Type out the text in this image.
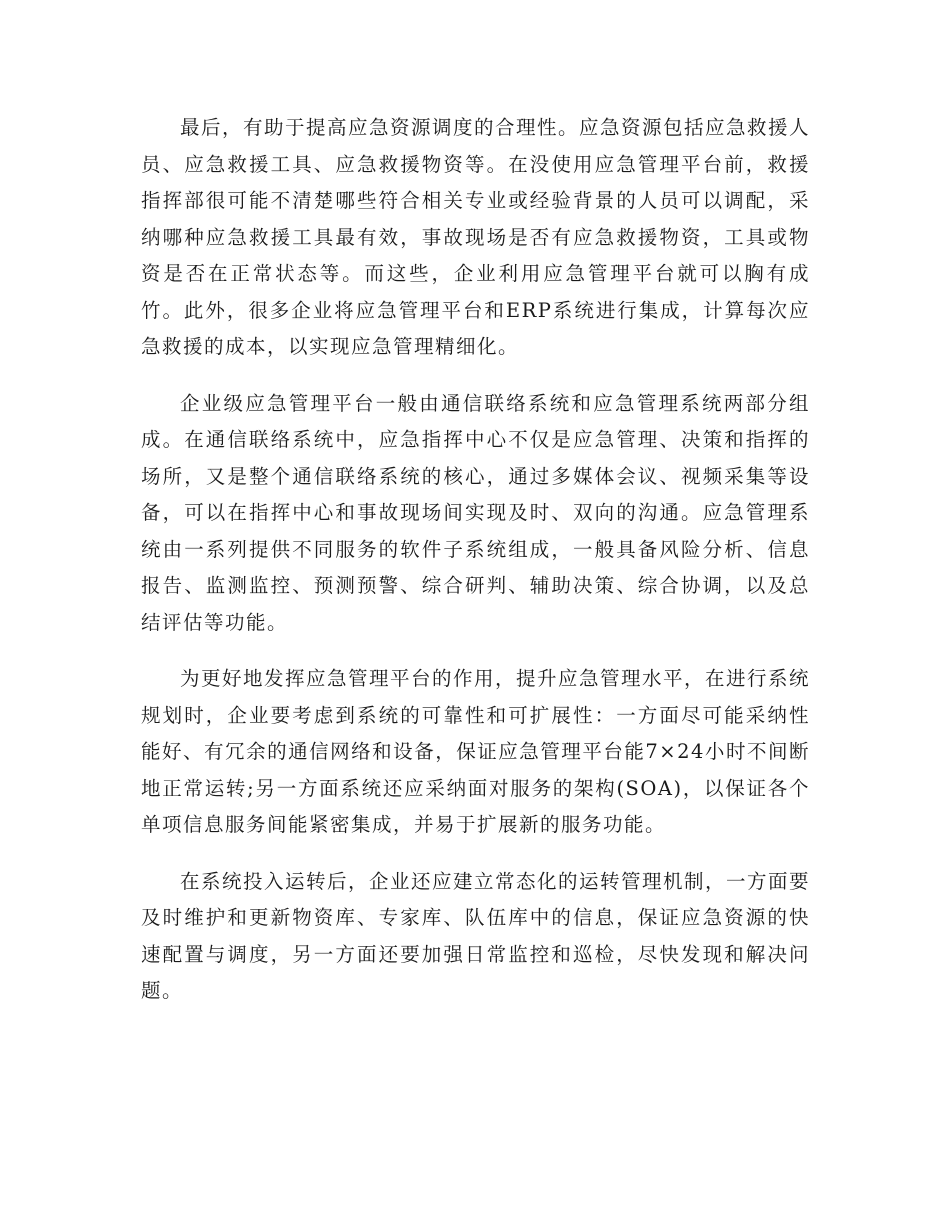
最后，有助于提高应急资源调度的合理性。应急资源包括应急救援人员、应急救援工具、应急救援物资等。在没使用应急管理平台前，救援指挥部很可能不清楚哪些符合相关专业或经验背景的人员可以调配，采纳哪种应急救援工具最有效，事故现场是否有应急救援物资，工具或物资是否在正常状态等。而这些，企业利用应急管理平台就可以胸有成竹。此外，很多企业将应急管理平台和ERP系统进行集成，计算每次应急救援的成本，以实现应急管理精细化。

企业级应急管理平台一般由通信联络系统和应急管理系统两部分组成。在通信联络系统中，应急指挥中心不仅是应急管理、决策和指挥的场所，又是整个通信联络系统的核心，通过多媒体会议、视频采集等设备，可以在指挥中心和事故现场间实现及时、双向的沟通。应急管理系统由一系列提供不同服务的软件子系统组成，一般具备风险分析、信息报告、监测监控、预测预警、综合研判、辅助决策、综合协调，以及总结评估等功能。

为更好地发挥应急管理平台的作用，提升应急管理水平，在进行系统规划时，企业要考虑到系统的可靠性和可扩展性：一方面尽可能采纳性能好、有冗余的通信网络和设备，保证应急管理平台能7×24小时不间断地正常运转;另一方面系统还应采纳面对服务的架构(SOA)，以保证各个单项信息服务间能紧密集成，并易于扩展新的服务功能。

在系统投入运转后，企业还应建立常态化的运转管理机制，一方面要及时维护和更新物资库、专家库、队伍库中的信息，保证应急资源的快速配置与调度，另一方面还要加强日常监控和巡检，尽快发现和解决问题。
